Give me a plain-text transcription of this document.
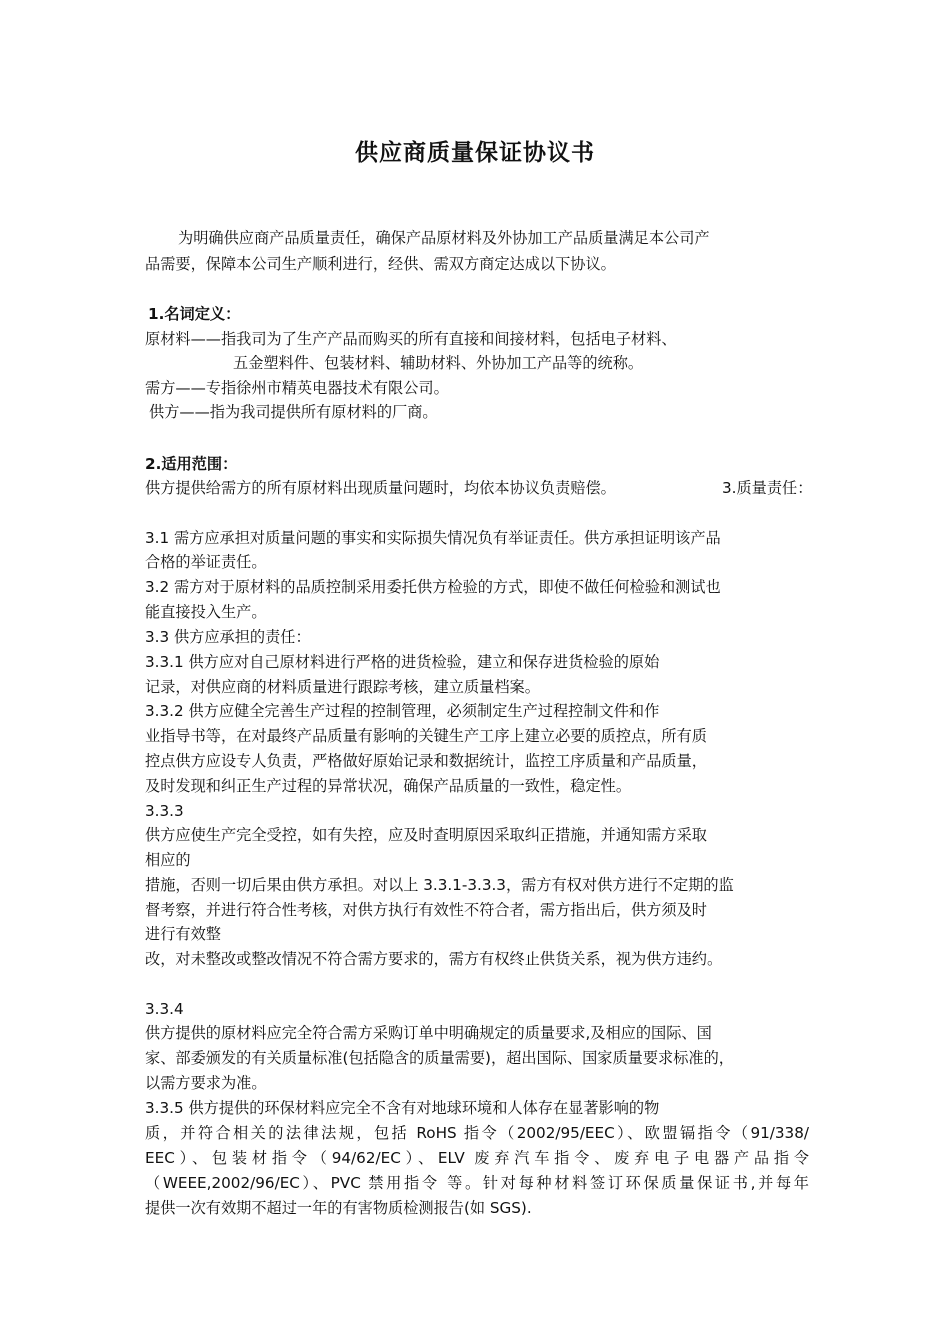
供应商质量保证协议书
为明确供应商产品质量责任，确保产品原材料及外协加工产品质量满足本公司产
品需要，保障本公司生产顺利进行，经供、需双方商定达成以下协议。
1.名词定义：
原材料——指我司为了生产产品而购买的所有直接和间接材料，包括电子材料、
五金塑料件、包装材料、辅助材料、外协加工产品等的统称。
需方——专指徐州市精英电器技术有限公司。
供方——指为我司提供所有原材料的厂商。
2.适用范围：
供方提供给需方的所有原材料出现质量问题时，均依本协议负责赔偿。	3.质量责任：
3.1 需方应承担对质量问题的事实和实际损失情况负有举证责任。供方承担证明该产品
合格的举证责任。
3.2 需方对于原材料的品质控制采用委托供方检验的方式，即使不做任何检验和测试也
能直接投入生产。
3.3 供方应承担的责任：
3.3.1 供方应对自己原材料进行严格的进货检验，建立和保存进货检验的原始
记录，对供应商的材料质量进行跟踪考核，建立质量档案。
3.3.2 供方应健全完善生产过程的控制管理，必须制定生产过程控制文件和作
业指导书等，在对最终产品质量有影响的关键生产工序上建立必要的质控点，所有质
控点供方应设专人负责，严格做好原始记录和数据统计，监控工序质量和产品质量，
及时发现和纠正生产过程的异常状况，确保产品质量的一致性，稳定性。
3.3.3
供方应使生产完全受控，如有失控，应及时查明原因采取纠正措施，并通知需方采取
相应的
措施，否则一切后果由供方承担。对以上 3.3.1-3.3.3，需方有权对供方进行不定期的监
督考察，并进行符合性考核，对供方执行有效性不符合者，需方指出后，供方须及时
进行有效整
改，对未整改或整改情况不符合需方要求的，需方有权终止供货关系，视为供方违约。
3.3.4
供方提供的原材料应完全符合需方采购订单中明确规定的质量要求,及相应的国际、国
家、部委颁发的有关质量标准(包括隐含的质量需要)，超出国际、国家质量要求标准的，
以需方要求为准。
3.3.5 供方提供的环保材料应完全不含有对地球环境和人体存在显著影响的物
质，并符合相关的法律法规，包括 RoHS 指令（2002/95/EEC）、欧盟镉指令（91/338/
EEC）、包装材指令（94/62/EC）、ELV 废弃汽车指令、废弃电子电器产品指令
（WEEE,2002/96/EC）、PVC 禁用指令 等。针对每种材料签订环保质量保证书,并每年
提供一次有效期不超过一年的有害物质检测报告(如 SGS).
